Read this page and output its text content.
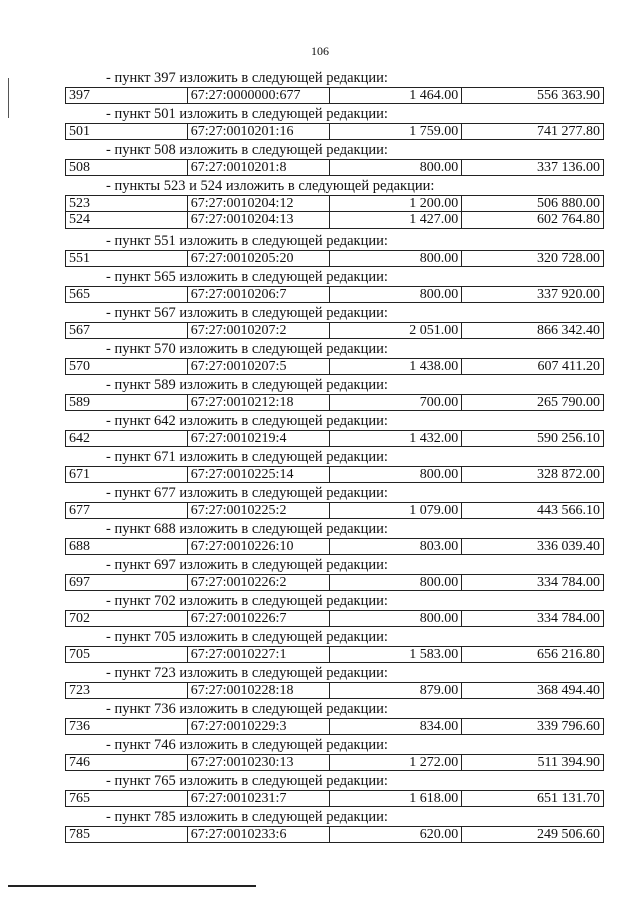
106
- пункт 397 изложить в следующей редакции:
397	67:27:0000000:677	1 464.00	556 363.90
- пункт 501 изложить в следующей редакции:
501	67:27:0010201:16	1 759.00	741 277.80
- пункт 508 изложить в следующей редакции:
508	67:27:0010201:8	800.00	337 136.00
- пункты 523 и 524 изложить в следующей редакции:
523	67:27:0010204:12	1 200.00	506 880.00
524	67:27:0010204:13	1 427.00	602 764.80
- пункт 551 изложить в следующей редакции:
551	67:27:0010205:20	800.00	320 728.00
- пункт 565 изложить в следующей редакции:
565	67:27:0010206:7	800.00	337 920.00
- пункт 567 изложить в следующей редакции:
567	67:27:0010207:2	2 051.00	866 342.40
- пункт 570 изложить в следующей редакции:
570	67:27:0010207:5	1 438.00	607 411.20
- пункт 589 изложить в следующей редакции:
589	67:27:0010212:18	700.00	265 790.00
- пункт 642 изложить в следующей редакции:
642	67:27:0010219:4	1 432.00	590 256.10
- пункт 671 изложить в следующей редакции:
671	67:27:0010225:14	800.00	328 872.00
- пункт 677 изложить в следующей редакции:
677	67:27:0010225:2	1 079.00	443 566.10
- пункт 688 изложить в следующей редакции:
688	67:27:0010226:10	803.00	336 039.40
- пункт 697 изложить в следующей редакции:
697	67:27:0010226:2	800.00	334 784.00
- пункт 702 изложить в следующей редакции:
702	67:27:0010226:7	800.00	334 784.00
- пункт 705 изложить в следующей редакции:
705	67:27:0010227:1	1 583.00	656 216.80
- пункт 723 изложить в следующей редакции:
723	67:27:0010228:18	879.00	368 494.40
- пункт 736 изложить в следующей редакции:
736	67:27:0010229:3	834.00	339 796.60
- пункт 746 изложить в следующей редакции:
746	67:27:0010230:13	1 272.00	511 394.90
- пункт 765 изложить в следующей редакции:
765	67:27:0010231:7	1 618.00	651 131.70
- пункт 785 изложить в следующей редакции:
785	67:27:0010233:6	620.00	249 506.60
